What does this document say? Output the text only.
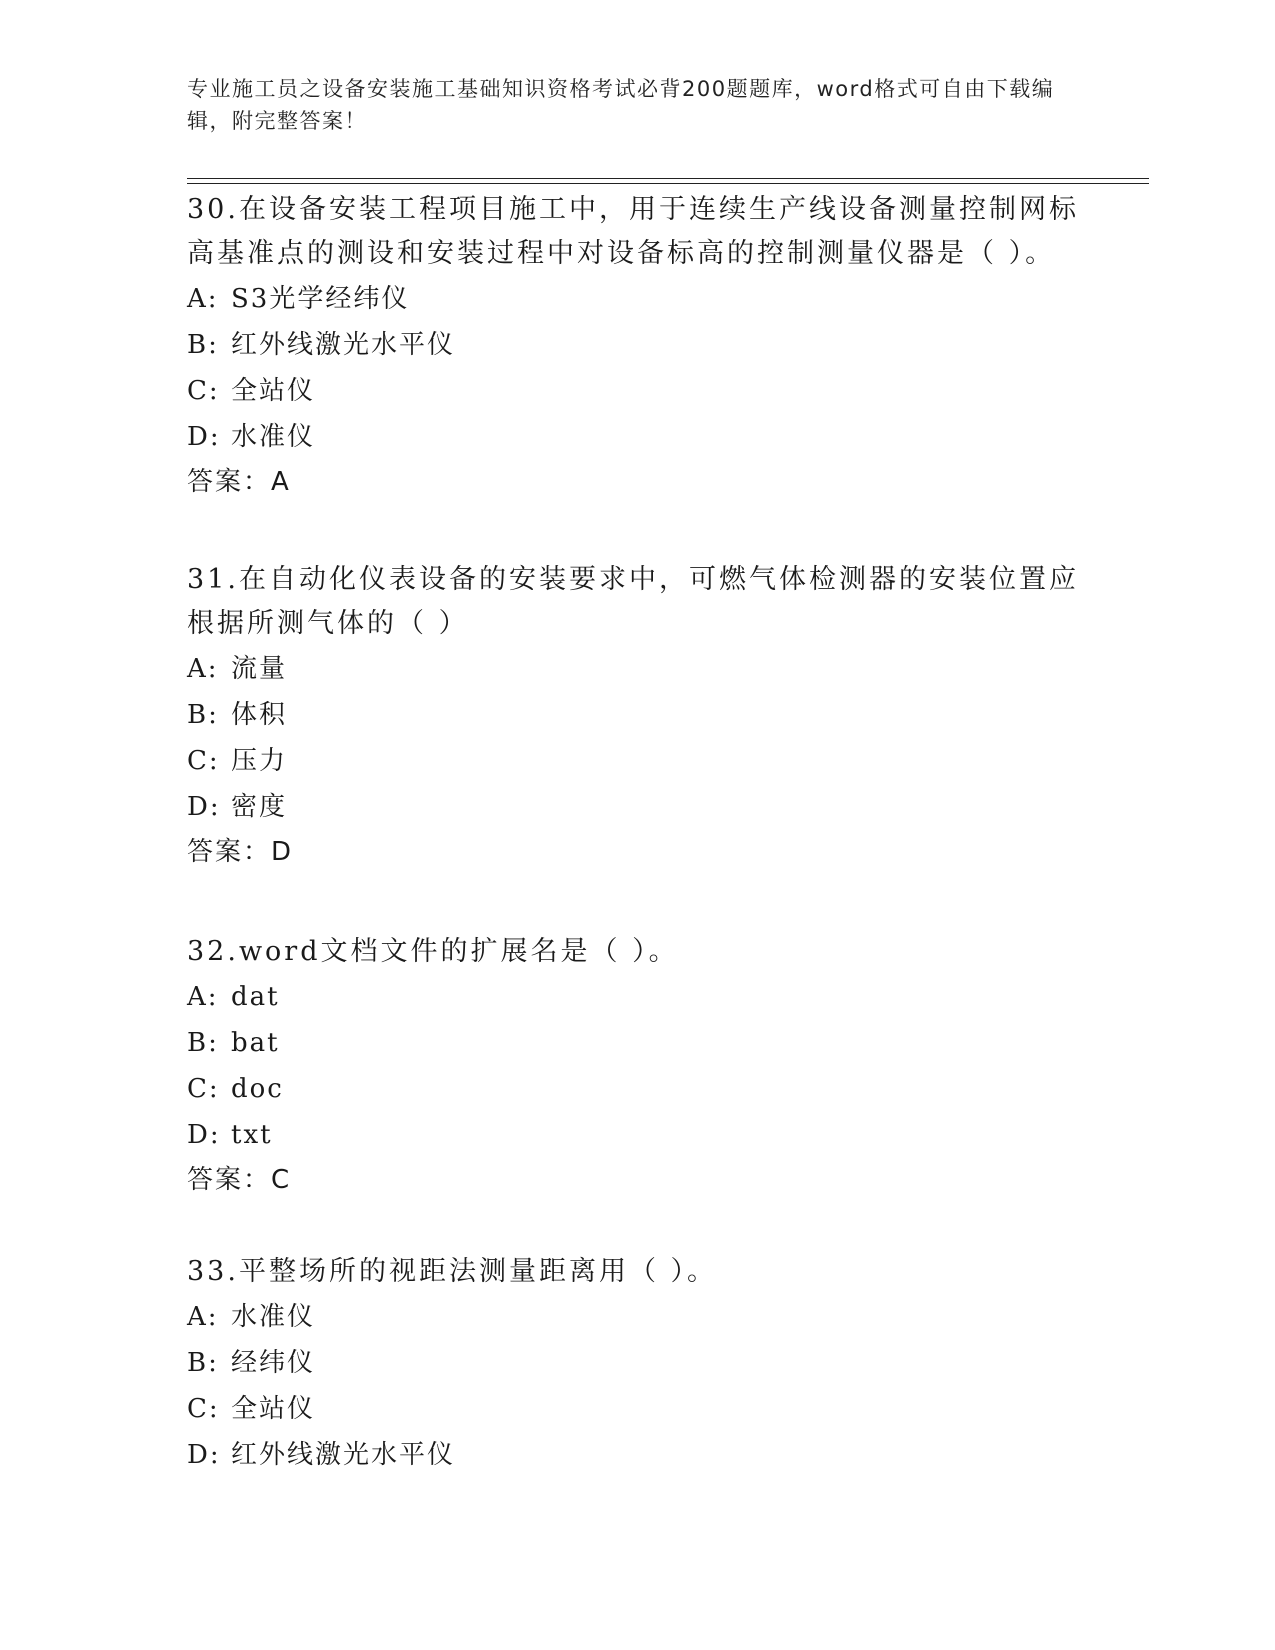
专业施工员之设备安装施工基础知识资格考试必背200题题库，word格式可自由下载编辑，附完整答案！

30.在设备安装工程项目施工中，用于连续生产线设备测量控制网标高基准点的测设和安装过程中对设备标高的控制测量仪器是（ ）。

A: S3光学经纬仪

B: 红外线激光水平仪

C: 全站仪

D: 水准仪

答案：A

31.在自动化仪表设备的安装要求中，可燃气体检测器的安装位置应根据所测气体的（ ）

A: 流量

B: 体积

C: 压力

D: 密度

答案：D

32.word文档文件的扩展名是（ ）。

A: dat

B: bat

C: doc

D: txt

答案：C

33.平整场所的视距法测量距离用（ ）。

A: 水准仪

B: 经纬仪

C: 全站仪

D: 红外线激光水平仪
